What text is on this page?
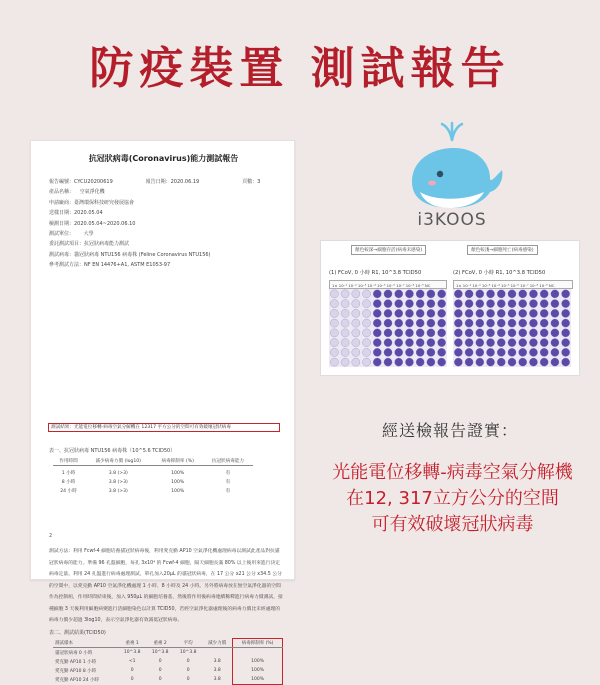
防疫裝置 測試報告
抗冠狀病毒(Coronavirus)能力測試報告
報告編號：CYCU20200619	報告日期：2020.06.19	頁數：3
產品名稱： 空氣淨化機
申請廠商：臺灣環保科技研究發展協會
送樣日期：2020.05.04
檢測日期：2020.05.04~2020.06.10
測試單位： 大學
委託測試項目：抗冠狀病毒能力測試
測試病毒：貓冠狀病毒 NTU156 病毒株 (Feline Coronavirus NTU156)
參考測試方法：NF EN 14476+A1, ASTM E1053-97
測試結果：光能電位移轉-病毒空氣分解機在 12317 平方公分的空間可有效破壞冠狀病毒
表一、抗冠狀病毒 NTU156 病毒株（10^5.6 TCID50）
作用時間	減少病毒力價 (log10)	病毒抑制率 (%)	抗冠狀病毒能力
1 小時	3.8 (>3)	100%	有
8 小時	3.8 (>3)	100%	有
24 小時	3.8 (>3)	100%	有
2
測試方法：利用 Fcwf-4 細胞培養貓冠狀病毒後，利用愛克勤 AP10 空氣淨化機處理病毒以測試此產品對抗貓冠狀病毒的能力。準備 96 孔盤細胞，每孔 3x10⁴ 的 Fcwf-4 細胞，隔天細胞長滿 80% 以上後用來進行決定病毒定量。利用 24 孔盤進行病毒處理測試，單孔加入20μL 的貓冠狀病毒，在 17 公分 x21 公分 x34.5 公分的空間中，以愛克勤 AP10 空氣淨化機處理 1 小時、8 小時及 24 小時。另外將病毒放在無空氣淨化器的空間作為控制組，作用時間結束後，加入 950μL 的細胞培養基，然後將作用後病毒連續稀釋進行病毒力價測試，接種細胞 3 天後利用細胞病變進行活細胞染色以計算 TCID50，若經空氣淨化器處理後的病毒力價比未經處理的病毒力價少超過 3log10，表示空氣淨化器有效減低冠狀病毒。
表二、測試結果(TCID50)
測試樣本	重複 1	重複 2	平均	減少力價	病毒抑制率 (%)
貓冠狀病毒 0 小時	10^3.8	10^3.8	10^3.8		
愛克勤 AP10 1 小時	<1	0	0	3.8	100%
愛克勤 AP10 8 小時	0	0	0	3.8	100%
愛克勤 AP10 24 小時	0	0	0	3.8	100%
i3KOOS
顏色較深→細胞存活(病毒未感染)	顏色較淺→細胞死亡(病毒感染)
(1) FCoV, 0 小時 R1, 10^3.8 TCID50	(2) FCoV, 0 小時 R1, 10^3.8 TCID50
1× 10⁻¹ 10⁻² 10⁻³ 10⁻⁴ 10⁻⁵ 10⁻⁶ 10⁻⁷ 10⁻⁸ 10⁻⁹ NC	1× 10⁻¹ 10⁻² 10⁻³ 10⁻⁴ 10⁻⁵ 10⁻⁶ 10⁻⁷ 10⁻⁸ 10⁻⁹ NC
經送檢報告證實：
光能電位移轉-病毒空氣分解機
在12, 317立方公分的空間
可有效破壞冠狀病毒
